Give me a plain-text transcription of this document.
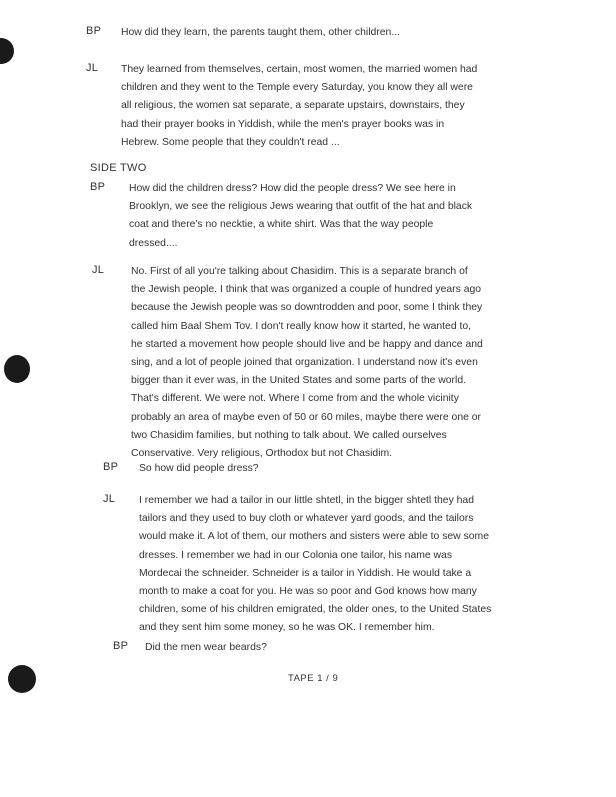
BP How did they learn, the parents taught them, other children...
JL They learned from themselves, certain, most women, the married women had
children and they went to the Temple every Saturday, you know they all were
all religious, the women sat separate, a separate upstairs, downstairs, they
had their prayer books in Yiddish, while the men's prayer books was in
Hebrew. Some people that they couldn't read ...
SIDE TWO
BP How did the children dress? How did the people dress? We see here in
Brooklyn, we see the religious Jews wearing that outfit of the hat and black
coat and there's no necktie, a white shirt. Was that the way people
dressed....
JL	No. First of all you're talking about Chasidim. This is a separate branch of
the Jewish people. I think that was organized a couple of hundred years ago
because the Jewish people was so downtrodden and poor, some I think they
called him Baal Shem Tov. I don't really know how it started, he wanted to,
he started a movement how people should live and be happy and dance and
sing, and a lot of people joined that organization. I understand now it's even
bigger than it ever was, in the United States and some parts of the world.
That's different. We were not. Where I come from and the whole vicinity
probably an area of maybe even of 50 or 60 miles, maybe there were one or
two Chasidim families, but nothing to talk about. We called ourselves
Conservative. Very religious, Orthodox but not Chasidim.
BP So how did people dress?
JL I remember we had a tailor in our little shtetl, in the bigger shtetl they had
tailors and they used to buy cloth or whatever yard goods, and the tailors
would make it. A lot of them, our mothers and sisters were able to sew some
dresses. I remember we had in our Colonia one tailor, his name was
Mordecai the schneider. Schneider is a tailor in Yiddish. He would take a
month to make a coat for you. He was so poor and God knows how many
children, some of his children emigrated, the older ones, to the United States
and they sent him some money, so he was OK. I remember him.
BP Did the men wear beards?
TAPE 1 / 9
